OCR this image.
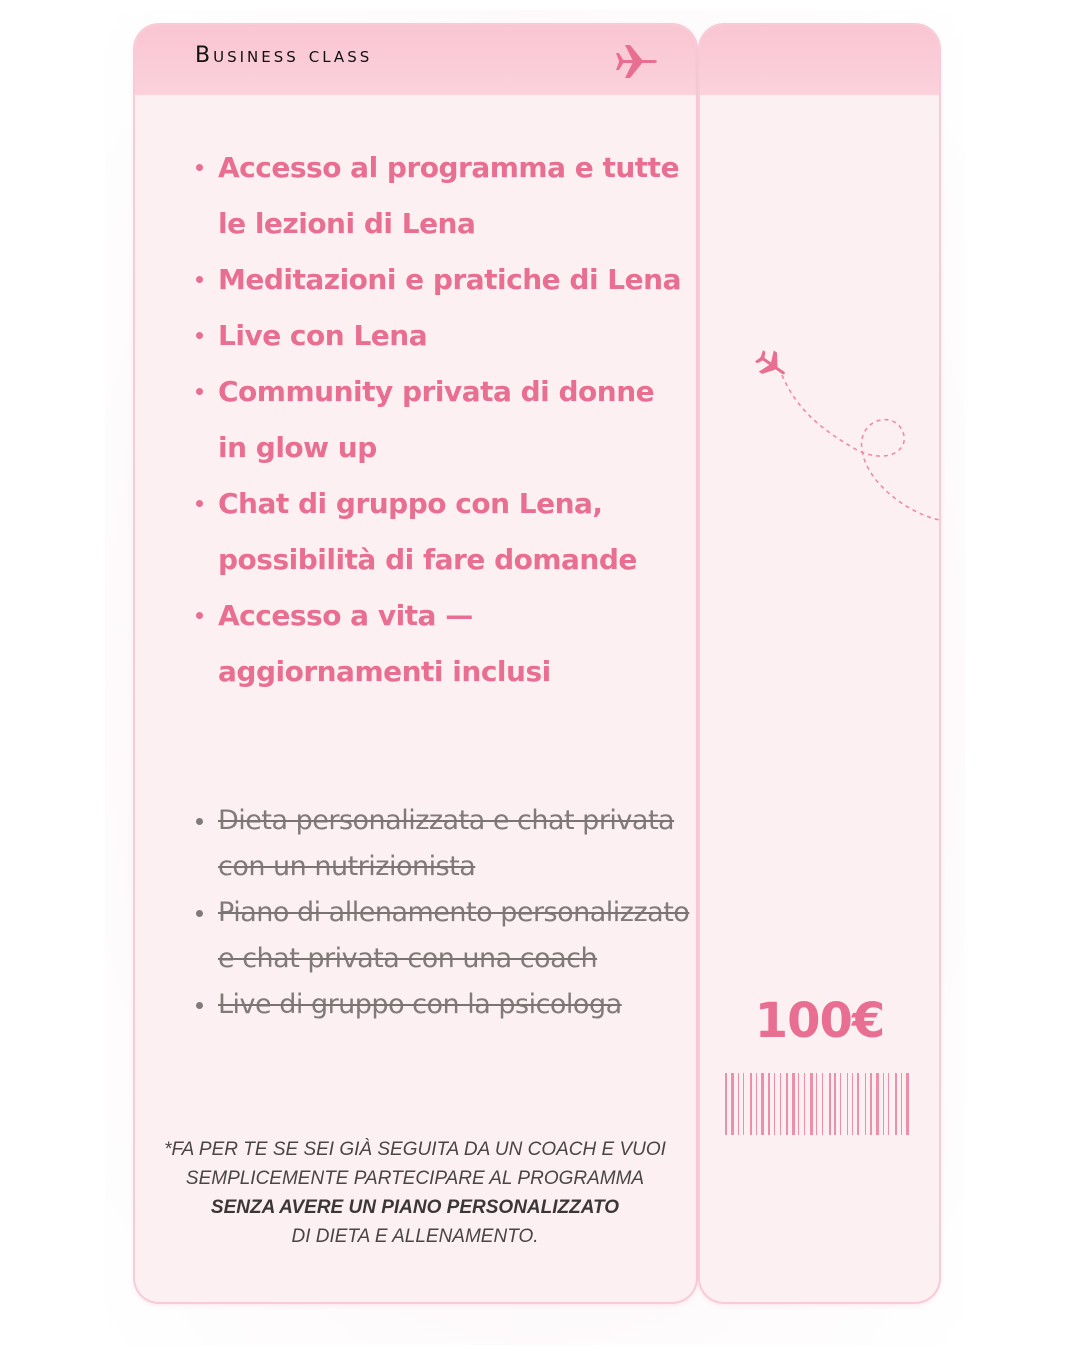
Business class
Accesso al programma e tutte le lezioni di Lena
Meditazioni e pratiche di Lena
Live con Lena
Community privata di donne in glow up
Chat di gruppo con Lena, possibilità di fare domande
Accesso a vita — aggiornamenti inclusi
Dieta personalizzata e chat privata con un nutrizionista
Piano di allenamento personalizzato e chat privata con una coach
Live di gruppo con la psicologa
*FA PER TE SE SEI GIÀ SEGUITA DA UN COACH E VUOI SEMPLICEMENTE PARTECIPARE AL PROGRAMMA
SENZA AVERE UN PIANO PERSONALIZZATO
DI DIETA E ALLENAMENTO.
100€
